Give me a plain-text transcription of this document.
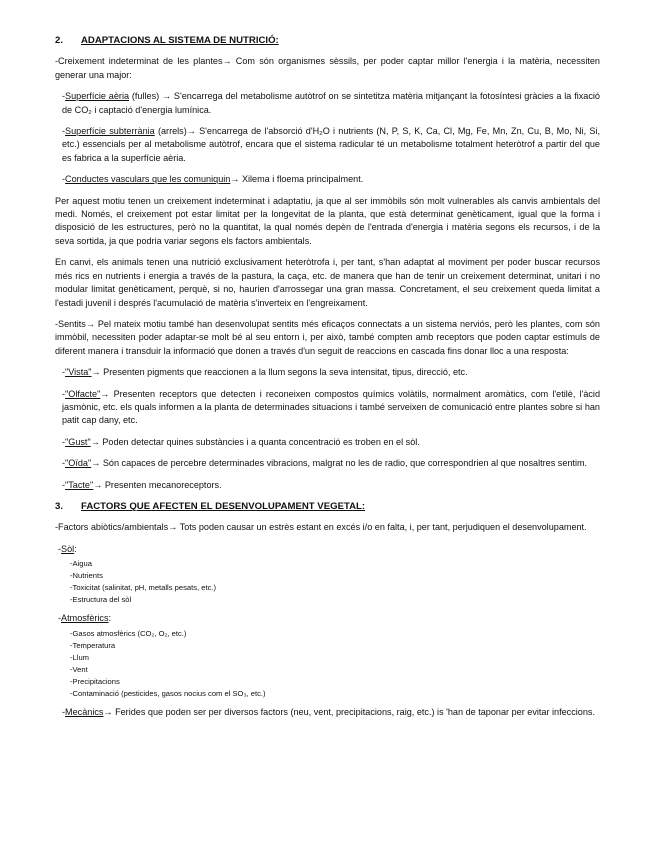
2.	ADAPTACIONS AL SISTEMA DE NUTRICIÓ:

-Creixement indeterminat de les plantes→ Com són organismes sèssils, per poder captar millor l'energia i la matèria, necessiten generar una major:

-Superfície aèria (fulles) → S'encarrega del metabolisme autòtrof on se sintetitza matèria mitjançant la fotosíntesi gràcies a la fixació de CO₂ i captació d'energia lumínica.

-Superfície subterrània (arrels)→ S'encarrega de l'absorció d'H₂O i nutrients (N, P, S, K, Ca, Cl, Mg, Fe, Mn, Zn, Cu, B, Mo, Ni, Si, etc.) essencials per al metabolisme autòtrof, encara que el sistema radicular té un metabolisme totalment heteròtrof a partir del que es fabrica a la superfície aèria.

-Conductes vasculars que les comuniquin→ Xilema i floema principalment.

Per aquest motiu tenen un creixement indeterminat i adaptatiu, ja que al ser immòbils són molt vulnerables als canvis ambientals del medi. Només, el creixement pot estar limitat per la longevitat de la planta, que està determinat genèticament, igual que la forma i disposició de les estructures, però no la quantitat, la qual només depèn de l'entrada d'energia i matèria segons els recursos, i de la seva sortida, ja que podria variar segons els factors ambientals.

En canvi, els animals tenen una nutrició exclusivament heteròtrofa i, per tant, s'han adaptat al moviment per poder buscar recursos més rics en nutrients i energia a través de la pastura, la caça, etc. de manera que han de tenir un creixement determinat, unitari i no modular limitat genèticament, perquè, si no, haurien d'arrossegar una gran massa. Concretament, el seu creixement queda limitat a l'estadi juvenil i després l'acumulació de matèria s'inverteix en l'engreixament.

-Sentits→ Pel mateix motiu també han desenvolupat sentits més eficaços connectats a un sistema nerviós, però les plantes, com són immòbil, necessiten poder adaptar-se molt bé al seu entorn i, per això, també compten amb receptors que poden captar estímuls de diferent manera i transduir la informació que donen a través d'un seguit de reaccions en cascada fins donar lloc a una resposta:

-"Vista"→ Presenten pigments que reaccionen a la llum segons la seva intensitat, tipus, direcció, etc.

-"Olfacte"→ Presenten receptors que detecten i reconeixen compostos químics volàtils, normalment aromàtics, com l'etilè, l'àcid jasmònic, etc. els quals informen a la planta de determinades situacions i també serveixen de comunicació entre plantes sobre si han patit cap dany, etc.

-"Gust"→ Poden detectar quines substàncies i a quanta concentració es troben en el sòl.

-"Oïda"→ Són capaces de percebre determinades vibracions, malgrat no les de radio, que correspondrien al que nosaltres sentim.

-"Tacte"→ Presenten mecanoreceptors.

3.	FACTORS QUE AFECTEN EL DESENVOLUPAMENT VEGETAL:

-Factors abiòtics/ambientals→ Tots poden causar un estrès estant en excés i/o en falta, i, per tant, perjudiquen el desenvolupament.

-Sòl:
-Aigua
-Nutrients
-Toxicitat (salinitat, pH, metalls pesats, etc.)
-Estructura del sòl
-Atmosfèrics:
-Gasos atmosfèrics (CO₂, O₂, etc.)
-Temperatura
-Llum
-Vent
-Precipitacions
-Contaminació (pesticides, gasos nocius com el SO₃, etc.)

-Mecànics→ Ferides que poden ser per diversos factors (neu, vent, precipitacions, raig, etc.) is 'han de taponar per evitar infeccions.
